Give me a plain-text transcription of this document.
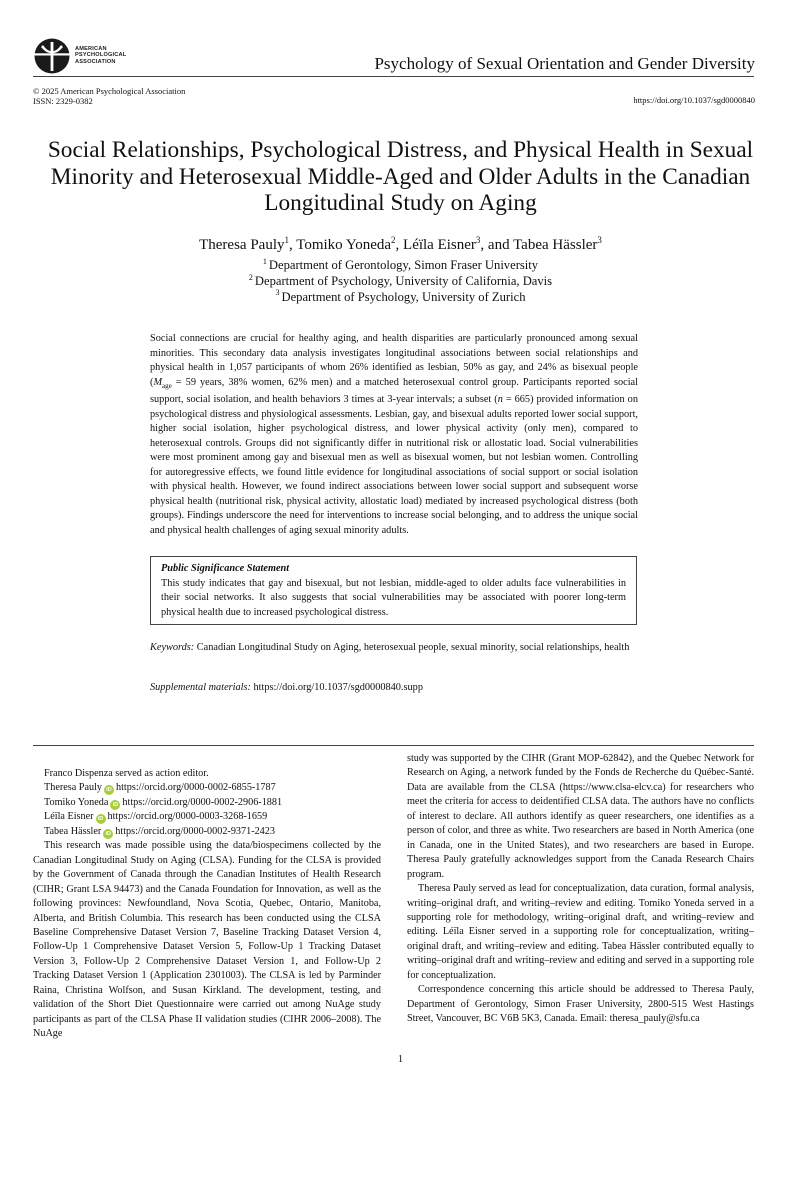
AMERICAN
PSYCHOLOGICAL
ASSOCIATION	Psychology of Sexual Orientation and Gender Diversity
© 2025 American Psychological Association
ISSN: 2329-0382	https://doi.org/10.1037/sgd0000840
Social Relationships, Psychological Distress, and Physical Health in Sexual
Minority and Heterosexual Middle-Aged and Older Adults in the Canadian
Longitudinal Study on Aging
Theresa Pauly$^1$, Tomiko Yoneda$^2$, Léïla Eisner$^3$, and Tabea Hässler$^3$
$^1$ Department of Gerontology, Simon Fraser University
$^2$ Department of Psychology, University of California, Davis
$^3$ Department of Psychology, University of Zurich
Social connections are crucial for healthy aging, and health disparities are particularly pronounced among sexual minorities. This secondary data analysis investigates longitudinal associations between social relationships and physical health in 1,057 participants of whom 26% identified as lesbian, 50% as gay, and 24% as bisexual people ($M_{age} = 59$ years, 38% women, 62% men) and a matched heterosexual control group. Participants reported social support, social isolation, and health behaviors 3 times at 3-year intervals; a subset (n = 665) provided information on psychological distress and physiological assessments. Lesbian, gay, and bisexual adults reported lower social support, higher social isolation, higher psychological distress, and lower physical activity (only men), compared to heterosexual controls. Groups did not significantly differ in nutritional risk or allostatic load. Social vulnerabilities were most prominent among gay and bisexual men as well as bisexual women, but not lesbian women. Controlling for autoregressive effects, we found little evidence for longitudinal associations of social support or social isolation with physical health. However, we found indirect associations between lower social support and subsequent worse physical health (nutritional risk, physical activity, allostatic load) mediated by increased psychological distress (both groups). Findings underscore the need for interventions to increase social belonging, and to address the unique social and physical health challenges of aging sexual minority adults.
Public Significance Statement
This study indicates that gay and bisexual, but not lesbian, middle-aged to older adults face vulnerabilities in their social networks. It also suggests that social vulnerabilities may be associated with poorer long-term physical health due to increased psychological distress.
Keywords: Canadian Longitudinal Study on Aging, heterosexual people, sexual minority, social relationships, health
Supplemental materials: https://doi.org/10.1037/sgd0000840.supp
Franco Dispenza served as action editor.
Theresa Pauly iD https://orcid.org/0000-0002-6855-1787
Tomiko Yoneda iD https://orcid.org/0000-0002-2906-1881
Léïla Eisner iD https://orcid.org/0000-0003-3268-1659
Tabea Hässler iD https://orcid.org/0000-0002-9371-2423

This research was made possible using the data/biospecimens collected by the Canadian Longitudinal Study on Aging (CLSA). Funding for the CLSA is provided by the Government of Canada through the Canadian Institutes of Health Research (CIHR; Grant LSA 94473) and the Canada Foundation for Innovation, as well as the following provinces: Newfoundland, Nova Scotia, Quebec, Ontario, Manitoba, Alberta, and British Columbia. This research has been conducted using the CLSA Baseline Comprehensive Dataset Version 7, Baseline Tracking Dataset Version 4, Follow-Up 1 Comprehensive Dataset Version 5, Follow-Up 1 Tracking Dataset Version 3, Follow-Up 2 Comprehensive Dataset Version 1, and Follow-Up 2 Tracking Dataset Version 1 (Application 2301003). The CLSA is led by Parminder Raina, Christina Wolfson, and Susan Kirkland. The development, testing, and validation of the Short Diet Questionnaire were carried out among NuAge study participants as part of the CLSA Phase II validation studies (CIHR 2006–2008). The NuAge

study was supported by the CIHR (Grant MOP-62842), and the Quebec Network for Research on Aging, a network funded by the Fonds de Recherche du Québec-Santé. Data are available from the CLSA (https://www.clsa-elcv.ca) for researchers who meet the criteria for access to deidentified CLSA data. The authors have no conflicts of interest to declare. All authors identify as queer researchers, one identifies as a person of color, and three as white. Two researchers are based in North America (one in Canada, one in the United States), and two researchers are based in Europe. Theresa Pauly gratefully acknowledges support from the Canada Research Chairs program.

Theresa Pauly served as lead for conceptualization, data curation, formal analysis, writing–original draft, and writing–review and editing. Tomiko Yoneda served in a supporting role for methodology, writing–original draft, and writing–review and editing. Léïla Eisner served in a supporting role for conceptualization, writing–original draft, and writing–review and editing. Tabea Hässler contributed equally to writing–original draft and writing–review and editing and served in a supporting role for conceptualization.

Correspondence concerning this article should be addressed to Theresa Pauly, Department of Gerontology, Simon Fraser University, 2800-515 West Hastings Street, Vancouver, BC V6B 5K3, Canada. Email: theresa_pauly@sfu.ca

1
